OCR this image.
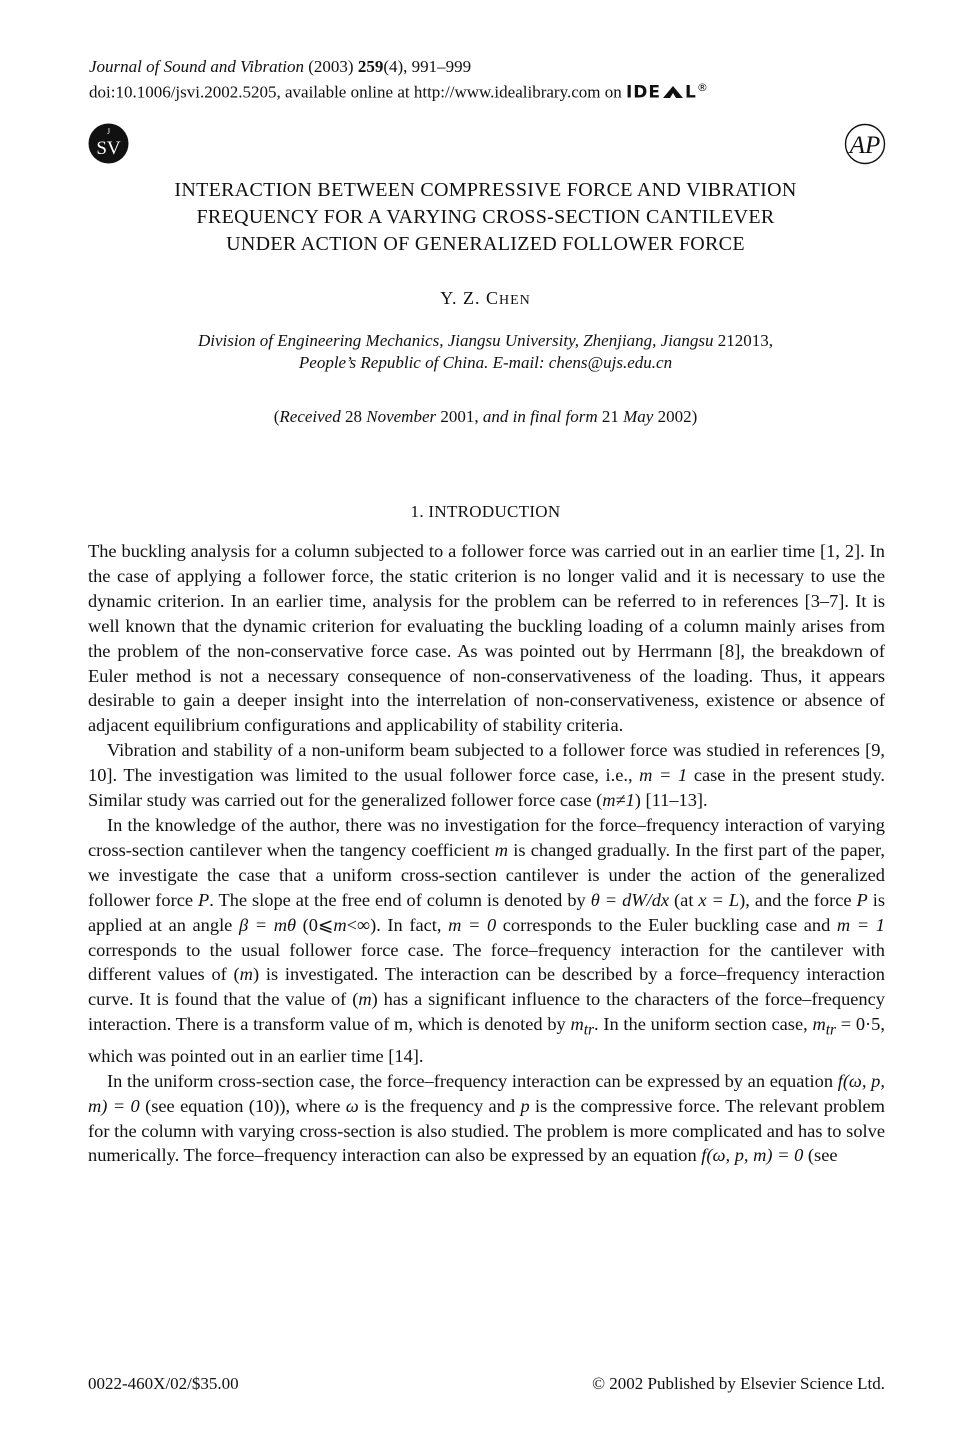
Journal of Sound and Vibration (2003) 259(4), 991–999
doi:10.1006/jsvi.2002.5205, available online at http://www.idealibrary.com on IDE L®
J
SV	AP
INTERACTION BETWEEN COMPRESSIVE FORCE AND VIBRATION
FREQUENCY FOR A VARYING CROSS-SECTION CANTILEVER
UNDER ACTION OF GENERALIZED FOLLOWER FORCE
Y. Z. CHEN
Division of Engineering Mechanics, Jiangsu University, Zhenjiang, Jiangsu 212013,
People’s Republic of China. E-mail: chens@ujs.edu.cn
(Received 28 November 2001, and in final form 21 May 2002)
1. INTRODUCTION

The buckling analysis for a column subjected to a follower force was carried out in an earlier time [1, 2]. In the case of applying a follower force, the static criterion is no longer valid and it is necessary to use the dynamic criterion. In an earlier time, analysis for the problem can be referred to in references [3–7]. It is well known that the dynamic criterion for evaluating the buckling loading of a column mainly arises from the problem of the non-conservative force case. As was pointed out by Herrmann [8], the breakdown of Euler method is not a necessary consequence of non-conservativeness of the loading. Thus, it appears desirable to gain a deeper insight into the interrelation of non-conservativeness, existence or absence of adjacent equilibrium configurations and applicability of stability criteria.

Vibration and stability of a non-uniform beam subjected to a follower force was studied in references [9, 10]. The investigation was limited to the usual follower force case, i.e., m = 1 case in the present study. Similar study was carried out for the generalized follower force case (m≠1) [11–13].

In the knowledge of the author, there was no investigation for the force–frequency interaction of varying cross-section cantilever when the tangency coefficient m is changed gradually. In the first part of the paper, we investigate the case that a uniform cross-section cantilever is under the action of the generalized follower force P. The slope at the free end of column is denoted by θ = dW/dx (at x = L), and the force P is applied at an angle β = mθ (0⩽m<∞). In fact, m = 0 corresponds to the Euler buckling case and m = 1 corresponds to the usual follower force case. The force–frequency interaction for the cantilever with different values of (m) is investigated. The interaction can be described by a force–frequency interaction curve. It is found that the value of (m) has a significant influence to the characters of the force–frequency interaction. There is a transform value of m, which is denoted by $m_{tr}$. In the uniform section case, $m_{tr} = 0\cdot 5$, which was pointed out in an earlier time [14].

In the uniform cross-section case, the force–frequency interaction can be expressed by an equation f(ω, p, m) = 0 (see equation (10)), where ω is the frequency and p is the compressive force. The relevant problem for the column with varying cross-section is also studied. The problem is more complicated and has to solve numerically. The force–frequency interaction can also be expressed by an equation f(ω, p, m) = 0 (see

0022-460X/02/$35.00	© 2002 Published by Elsevier Science Ltd.
